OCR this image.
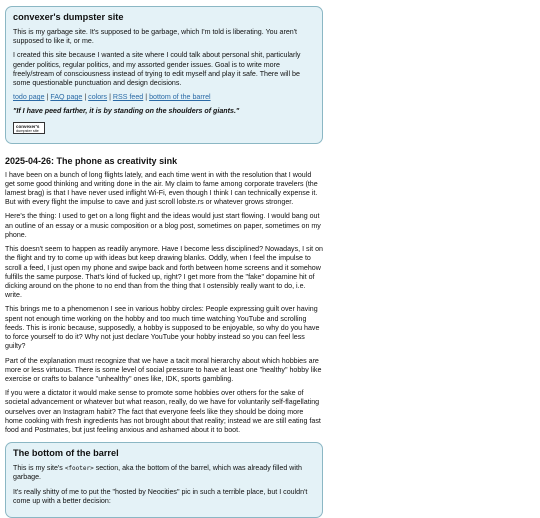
convexer's dumpster site

This is my garbage site. It's supposed to be garbage, which I'm told is liberating. You aren't supposed to like it, or me.

I created this site because I wanted a site where I could talk about personal shit, particularly gender politics, regular politics, and my assorted gender issues. Goal is to write more freely/stream of consciousness instead of trying to edit myself and play it safe. There will be some questionable punctuation and design decisions.

todo page | FAQ page | colors | RSS feed | bottom of the barrel

"If I have peed farther, it is by standing on the shoulders of giants."

convexer's
dumpster site
2025-04-26: The phone as creativity sink

I have been on a bunch of long flights lately, and each time went in with the resolution that I would get some good thinking and writing done in the air. My claim to fame among corporate travelers (the lamest brag) is that I have never used inflight Wi-Fi, even though I think I can technically expense it. But with every flight the impulse to cave and just scroll lobste.rs or whatever grows stronger.

Here's the thing: I used to get on a long flight and the ideas would just start flowing. I would bang out an outline of an essay or a music composition or a blog post, sometimes on paper, sometimes on my phone.

This doesn't seem to happen as readily anymore. Have I become less disciplined? Nowadays, I sit on the flight and try to come up with ideas but keep drawing blanks. Oddly, when I feel the impulse to scroll a feed, I just open my phone and swipe back and forth between home screens and it somehow fulfills the same purpose. That's kind of fucked up, right? I get more from the "fake" dopamine hit of dicking around on the phone to no end than from the thing that I ostensibly really want to do, i.e. write.

This brings me to a phenomenon I see in various hobby circles: People expressing guilt over having spent not enough time working on the hobby and too much time watching YouTube and scrolling feeds. This is ironic because, supposedly, a hobby is supposed to be enjoyable, so why do you have to force yourself to do it? Why not just declare YouTube your hobby instead so you can feel less guilty?

Part of the explanation must recognize that we have a tacit moral hierarchy about which hobbies are more or less virtuous. There is some level of social pressure to have at least one "healthy" hobby like exercise or crafts to balance "unhealthy" ones like, IDK, sports gambling.

If you were a dictator it would make sense to promote some hobbies over others for the sake of societal advancement or whatever but what reason, really, do we have for voluntarily self-flagellating ourselves over an Instagram habit? The fact that everyone feels like they should be doing more home cooking with fresh ingredients has not brought about that reality; instead we are still eating fast food and Postmates, but just feeling anxious and ashamed about it to boot.

The bottom of the barrel

This is my site's <footer> section, aka the bottom of the barrel, which was already filled with garbage.

It's really shitty of me to put the "hosted by Neocities" pic in such a terrible place, but I couldn't come up with a better decision:
